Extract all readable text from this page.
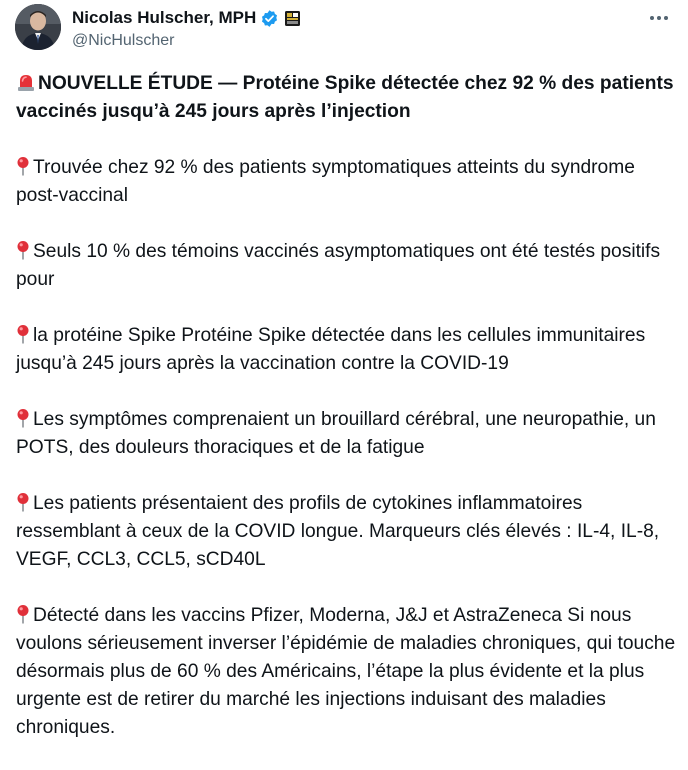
Nicolas Hulscher, MPH
@NicHulscher

NOUVELLE ÉTUDE — Protéine Spike détectée chez 92 % des patients vaccinés jusqu’à 245 jours après l’injection

Trouvée chez 92 % des patients symptomatiques atteints du syndrome post-vaccinal

Seuls 10 % des témoins vaccinés asymptomatiques ont été testés positifs pour

la protéine Spike Protéine Spike détectée dans les cellules immunitaires jusqu’à 245 jours après la vaccination contre la COVID-19

Les symptômes comprenaient un brouillard cérébral, une neuropathie, un POTS, des douleurs thoraciques et de la fatigue

Les patients présentaient des profils de cytokines inflammatoires ressemblant à ceux de la COVID longue. Marqueurs clés élevés : IL-4, IL-8, VEGF, CCL3, CCL5, sCD40L

Détecté dans les vaccins Pfizer, Moderna, J&J et AstraZeneca Si nous voulons sérieusement inverser l’épidémie de maladies chroniques, qui touche désormais plus de 60 % des Américains, l’étape la plus évidente et la plus urgente est de retirer du marché les injections induisant des maladies chroniques.
